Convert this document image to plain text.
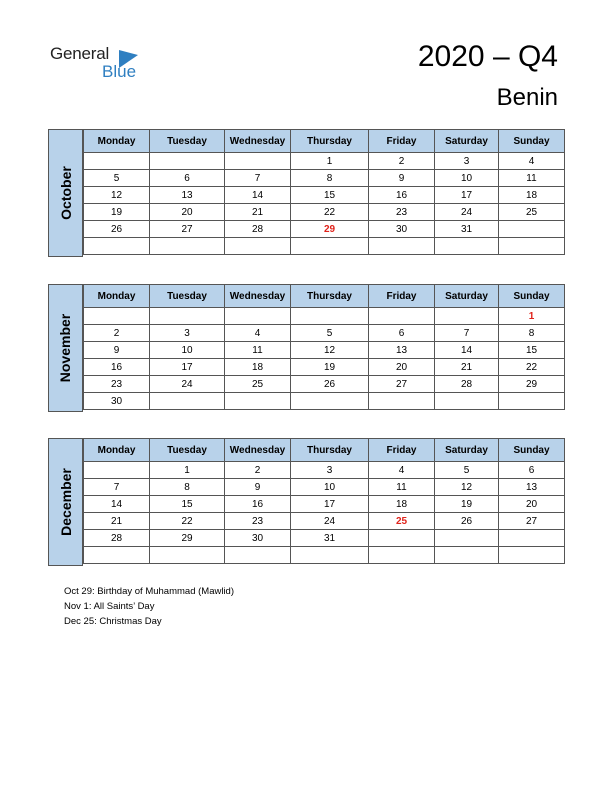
General
Blue	2020 – Q4
Benin
October
Monday	Tuesday	Wednesday	Thursday	Friday	Saturday	Sunday
			1	2	3	4
5	6	7	8	9	10	11
12	13	14	15	16	17	18
19	20	21	22	23	24	25
26	27	28	29	30	31	

November
Monday	Tuesday	Wednesday	Thursday	Friday	Saturday	Sunday
						1
2	3	4	5	6	7	8
9	10	11	12	13	14	15
16	17	18	19	20	21	22
23	24	25	26	27	28	29
30						
December
Monday	Tuesday	Wednesday	Thursday	Friday	Saturday	Sunday
	1	2	3	4	5	6
7	8	9	10	11	12	13
14	15	16	17	18	19	20
21	22	23	24	25	26	27
28	29	30	31			

Oct 29: Birthday of Muhammad (Mawlid)
Nov 1: All Saints’ Day
Dec 25: Christmas Day
